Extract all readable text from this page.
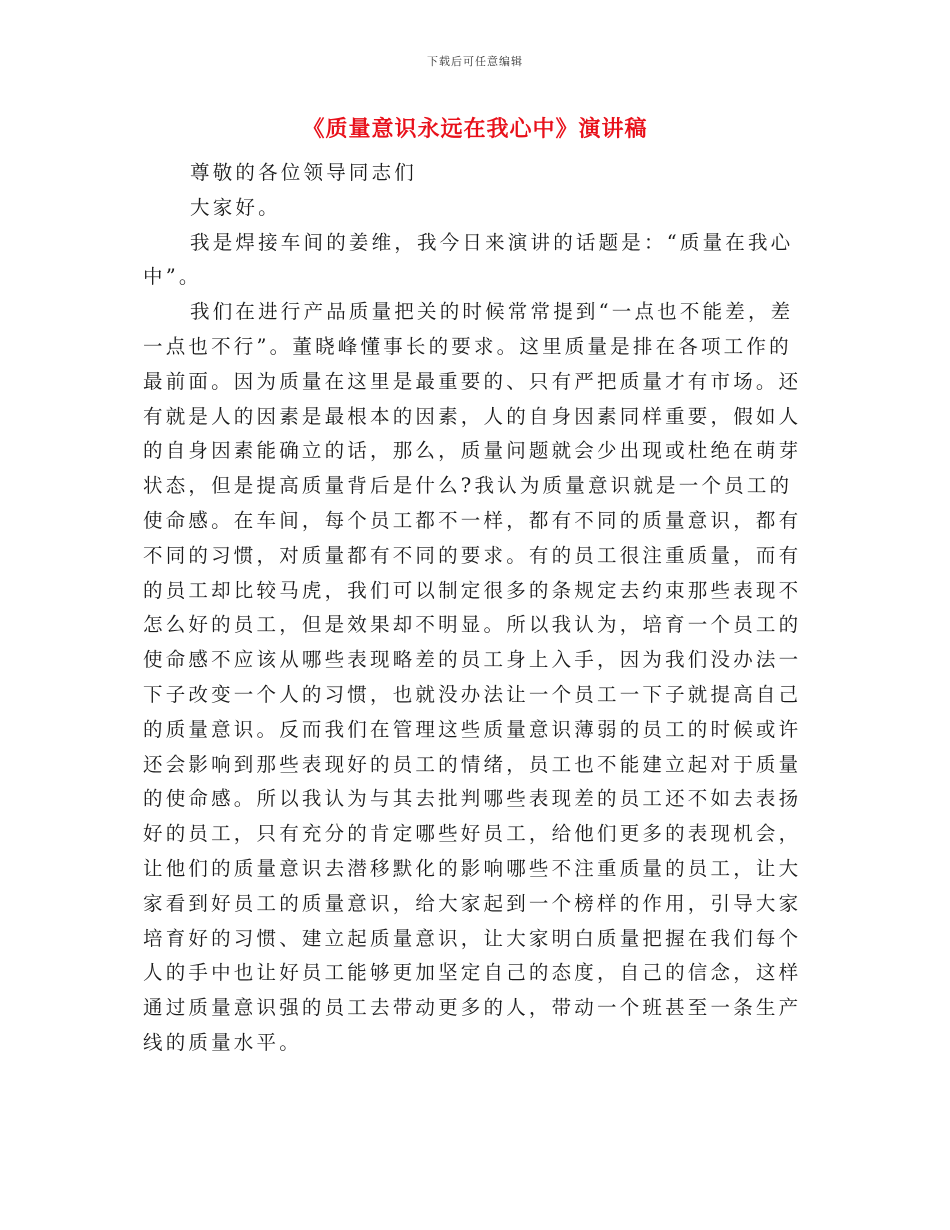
下载后可任意编辑
《质量意识永远在我心中》演讲稿

尊敬的各位领导同志们

大家好。

我是焊接车间的姜维，我今日来演讲的话题是：“质量在我心中”。

我们在进行产品质量把关的时候常常提到“一点也不能差，差一点也不行”。董晓峰懂事长的要求。这里质量是排在各项工作的最前面。因为质量在这里是最重要的、只有严把质量才有市场。还有就是人的因素是最根本的因素，人的自身因素同样重要，假如人的自身因素能确立的话，那么，质量问题就会少出现或杜绝在萌芽状态，但是提高质量背后是什么?我认为质量意识就是一个员工的使命感。在车间，每个员工都不一样，都有不同的质量意识，都有不同的习惯，对质量都有不同的要求。有的员工很注重质量，而有的员工却比较马虎，我们可以制定很多的条规定去约束那些表现不怎么好的员工，但是效果却不明显。所以我认为，培育一个员工的使命感不应该从哪些表现略差的员工身上入手，因为我们没办法一下子改变一个人的习惯，也就没办法让一个员工一下子就提高自己的质量意识。反而我们在管理这些质量意识薄弱的员工的时候或许还会影响到那些表现好的员工的情绪，员工也不能建立起对于质量的使命感。所以我认为与其去批判哪些表现差的员工还不如去表扬好的员工，只有充分的肯定哪些好员工，给他们更多的表现机会，让他们的质量意识去潜移默化的影响哪些不注重质量的员工，让大家看到好员工的质量意识，给大家起到一个榜样的作用，引导大家培育好的习惯、建立起质量意识，让大家明白质量把握在我们每个人的手中也让好员工能够更加坚定自己的态度，自己的信念，这样通过质量意识强的员工去带动更多的人，带动一个班甚至一条生产线的质量水平。
